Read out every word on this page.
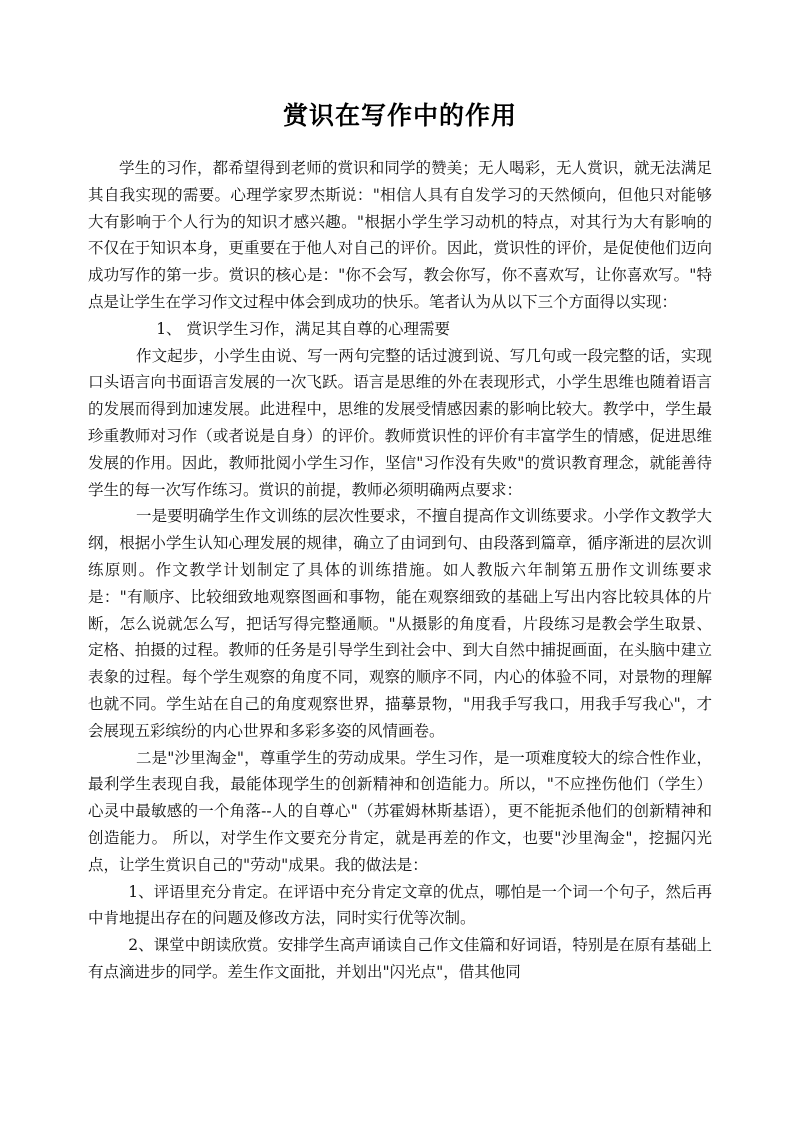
赏识在写作中的作用

学生的习作，都希望得到老师的赏识和同学的赞美；无人喝彩，无人赏识，就无法满足其自我实现的需要。心理学家罗杰斯说："相信人具有自发学习的天然倾向，但他只对能够大有影响于个人行为的知识才感兴趣。"根据小学生学习动机的特点，对其行为大有影响的不仅在于知识本身，更重要在于他人对自己的评价。因此，赏识性的评价，是促使他们迈向成功写作的第一步。赏识的核心是："你不会写，教会你写，你不喜欢写，让你喜欢写。"特点是让学生在学习作文过程中体会到成功的快乐。笔者认为从以下三个方面得以实现：

1、 赏识学生习作，满足其自尊的心理需要

作文起步，小学生由说、写一两句完整的话过渡到说、写几句或一段完整的话，实现口头语言向书面语言发展的一次飞跃。语言是思维的外在表现形式，小学生思维也随着语言的发展而得到加速发展。此进程中，思维的发展受情感因素的影响比较大。教学中，学生最珍重教师对习作（或者说是自身）的评价。教师赏识性的评价有丰富学生的情感，促进思维发展的作用。因此，教师批阅小学生习作，坚信"习作没有失败"的赏识教育理念，就能善待学生的每一次写作练习。赏识的前提，教师必须明确两点要求：

一是要明确学生作文训练的层次性要求，不擅自提高作文训练要求。小学作文教学大纲，根据小学生认知心理发展的规律，确立了由词到句、由段落到篇章，循序渐进的层次训练原则。作文教学计划制定了具体的训练措施。如人教版六年制第五册作文训练要求是："有顺序、比较细致地观察图画和事物，能在观察细致的基础上写出内容比较具体的片断，怎么说就怎么写，把话写得完整通顺。"从摄影的角度看，片段练习是教会学生取景、定格、拍摄的过程。教师的任务是引导学生到社会中、到大自然中捕捉画面，在头脑中建立表象的过程。每个学生观察的角度不同，观察的顺序不同，内心的体验不同，对景物的理解也就不同。学生站在自己的角度观察世界，描摹景物，"用我手写我口，用我手写我心"，才会展现五彩缤纷的内心世界和多彩多姿的风情画卷。

二是"沙里淘金"，尊重学生的劳动成果。学生习作，是一项难度较大的综合性作业，最利学生表现自我，最能体现学生的创新精神和创造能力。所以，"不应挫伤他们（学生）心灵中最敏感的一个角落--人的自尊心"（苏霍姆林斯基语），更不能扼杀他们的创新精神和创造能力。 所以，对学生作文要充分肯定，就是再差的作文，也要"沙里淘金"，挖掘闪光点，让学生赏识自己的"劳动"成果。我的做法是：

1、评语里充分肯定。在评语中充分肯定文章的优点，哪怕是一个词一个句子，然后再中肯地提出存在的问题及修改方法，同时实行优等次制。

2、课堂中朗读欣赏。安排学生高声诵读自己作文佳篇和好词语，特别是在原有基础上有点滴进步的同学。差生作文面批，并划出"闪光点"，借其他同
